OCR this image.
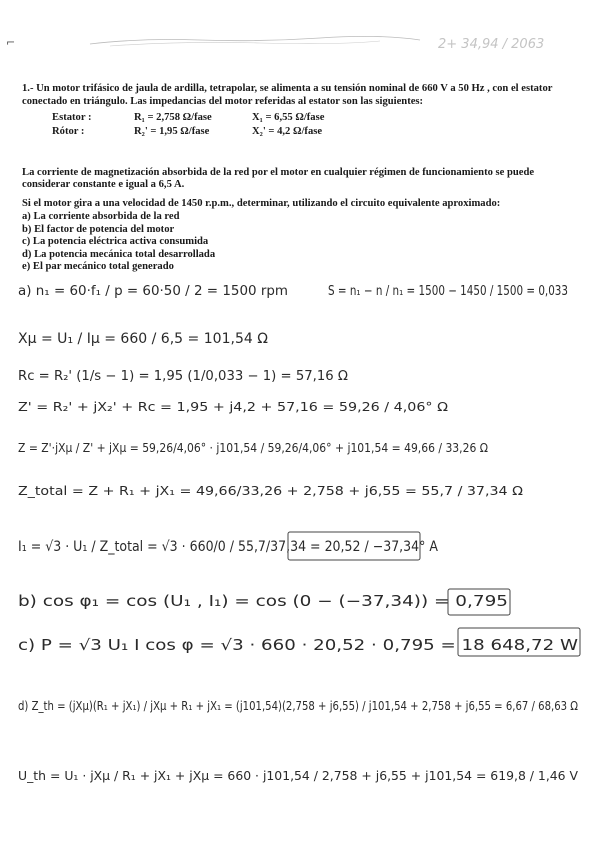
2+ 34,94 / 2063
⌐

1.- Un motor trifásico de jaula de ardilla, tetrapolar, se alimenta a su tensión nominal de 660 V a 50 Hz , con el estator conectado en triángulo. Las impedancias del motor referidas al estator son las siguientes:

Estator :	R₁ = 2,758 Ω/fase	X₁ = 6,55 Ω/fase
Rótor :	R₂' = 1,95 Ω/fase	X₂' = 4,2 Ω/fase

La corriente de magnetización absorbida de la red por el motor en cualquier régimen de funcionamiento se puede considerar constante e igual a 6,5 A.

Si el motor gira a una velocidad de 1450 r.p.m., determinar, utilizando el circuito equivalente aproximado:

a) La corriente absorbida de la red
b) El factor de potencia del motor
c) La potencia eléctrica activa consumida
d) La potencia mecánica total desarrollada
e) El par mecánico total generado
a) n₁ = 60·f₁ / p = 60·50 / 2 = 1500 rpm	S = n₁ − n / n₁ = 1500 − 1450 / 1500 = 0,033
Xμ = U₁ / Iμ = 660 / 6,5 = 101,54 Ω
Rc = R₂' (1/s − 1) = 1,95 (1/0,033 − 1) = 57,16 Ω
Z' = R₂' + jX₂' + Rc = 1,95 + j4,2 + 57,16 = 59,26 / 4,06° Ω
Z = Z'·jXμ / Z' + jXμ = 59,26/4,06° · j101,54 / 59,26/4,06° + j101,54 = 49,66 / 33,26 Ω
Z_total = Z + R₁ + jX₁ = 49,66/33,26 + 2,758 + j6,55 = 55,7 / 37,34 Ω
I₁ = √3 · U₁ / Z_total = √3 · 660/0 / 55,7/37,34 = 20,52 / −37,34° A
b) cos φ₁ = cos (U₁ , I₁) = cos (0 − (−37,34)) = 0,795
c) P = √3 U₁ I cos φ = √3 · 660 · 20,52 · 0,795 = 18 648,72 W
d) Z_th = (jXμ)(R₁ + jX₁) / jXμ + R₁ + jX₁ = (j101,54)(2,758 + j6,55) / j101,54 + 2,758 + j6,55 = 6,67 / 68,63 Ω
U_th = U₁ · jXμ / R₁ + jX₁ + jXμ = 660 · j101,54 / 2,758 + j6,55 + j101,54 = 619,8 / 1,46 V
